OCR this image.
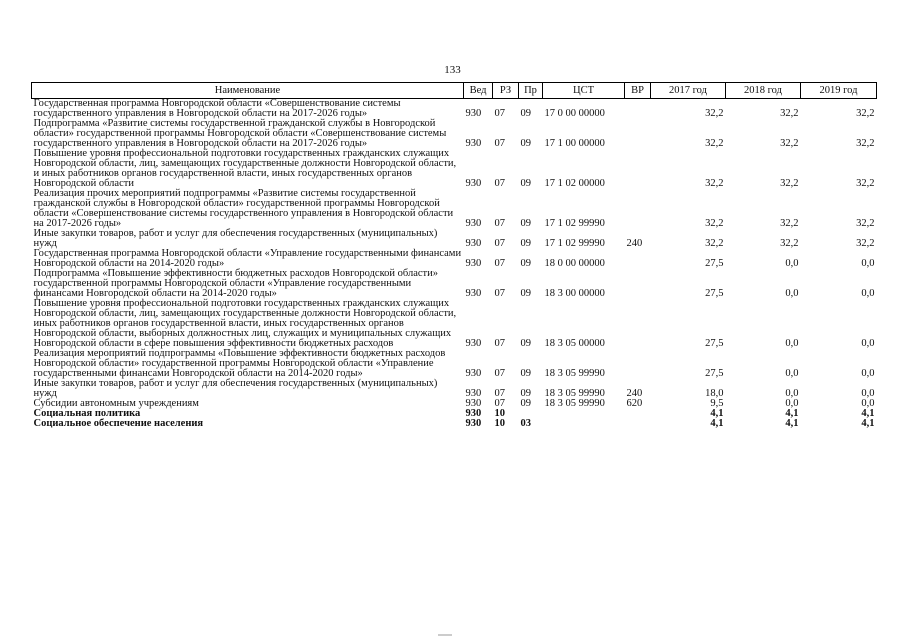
133
Наименование	Вед	РЗ	Пр	ЦСТ	ВР	2017 год	2018 год	2019 год
Государственная программа Новгородской области «Совершенствование системы государственного управления в Новгородской области на 2017-2026 годы»	930	07	09	17 0 00 00000		32,2	32,2	32,2
Подпрограмма «Развитие системы государственной гражданской службы в Новгородской области» государственной программы Новгородской области «Совершенствование системы государственного управления в Новгородской области на 2017-2026 годы»	930	07	09	17 1 00 00000		32,2	32,2	32,2
Повышение уровня профессиональной подготовки государственных гражданских служащих Новгородской области, лиц, замещающих государственные должности Новгородской области, и иных работников органов государственной власти, иных государственных органов Новгородской области	930	07	09	17 1 02 00000		32,2	32,2	32,2
Реализация прочих мероприятий подпрограммы «Развитие системы государственной гражданской службы в Новгородской области» государственной программы Новгородской области «Совершенствование системы государственного управления в Новгородской области на 2017-2026 годы»	930	07	09	17 1 02 99990		32,2	32,2	32,2
Иные закупки товаров, работ и услуг для обеспечения государственных (муниципальных) нужд	930	07	09	17 1 02 99990	240	32,2	32,2	32,2
Государственная программа Новгородской области «Управление государственными финансами Новгородской области на 2014-2020 годы»	930	07	09	18 0 00 00000		27,5	0,0	0,0
Подпрограмма «Повышение эффективности бюджетных расходов Новгородской области» государственной программы Новгородской области «Управление государственными финансами Новгородской области на 2014-2020 годы»	930	07	09	18 3 00 00000		27,5	0,0	0,0
Повышение уровня профессиональной подготовки государственных гражданских служащих Новгородской области, лиц, замещающих государственные должности Новгородской области, иных работников органов государственной власти, иных государственных органов Новгородской области, выборных должностных лиц, служащих и муниципальных служащих Новгородской области в сфере повышения эффективности бюджетных расходов	930	07	09	18 3 05 00000		27,5	0,0	0,0
Реализация мероприятий подпрограммы «Повышение эффективности бюджетных расходов Новгородской области» государственной программы Новгородской области «Управление государственными финансами Новгородской области на 2014-2020 годы»	930	07	09	18 3 05 99990		27,5	0,0	0,0
Иные закупки товаров, работ и услуг для обеспечения государственных (муниципальных) нужд	930	07	09	18 3 05 99990	240	18,0	0,0	0,0
Субсидии автономным учреждениям	930	07	09	18 3 05 99990	620	9,5	0,0	0,0
Социальная политика	930	10				4,1	4,1	4,1
Социальное обеспечение населения	930	10	03			4,1	4,1	4,1
